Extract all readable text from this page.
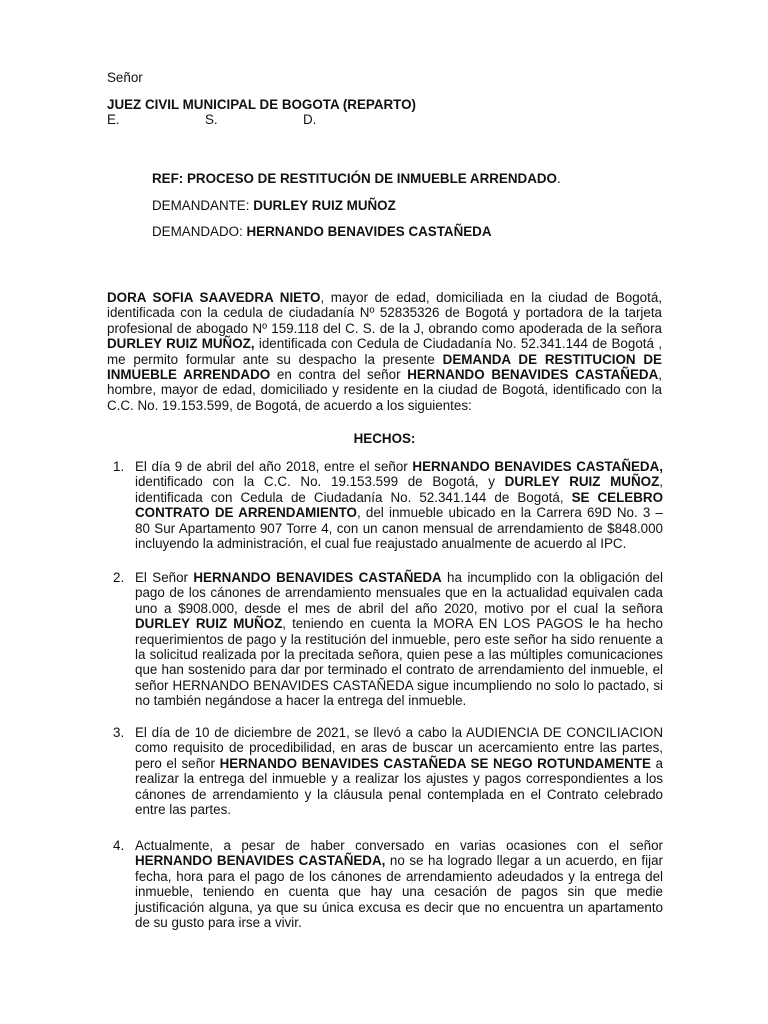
Señor
JUEZ CIVIL MUNICIPAL DE BOGOTA (REPARTO)
E.	S.	D.
REF: PROCESO DE RESTITUCIÓN DE INMUEBLE ARRENDADO.
DEMANDANTE: DURLEY RUIZ MUÑOZ
DEMANDADO: HERNANDO BENAVIDES CASTAÑEDA
DORA SOFIA SAAVEDRA NIETO, mayor de edad, domiciliada en la ciudad de Bogotá, identificada con la cedula de ciudadanía Nº 52835326 de Bogotá y portadora de la tarjeta profesional de abogado Nº 159.118 del C. S. de la J, obrando como apoderada de la señora DURLEY RUIZ MUÑOZ, identificada con Cedula de Ciudadanía No. 52.341.144 de Bogotá , me permito formular ante su despacho la presente DEMANDA DE RESTITUCION DE INMUEBLE ARRENDADO en contra del señor HERNANDO BENAVIDES CASTAÑEDA, hombre, mayor de edad, domiciliado y residente en la ciudad de Bogotá, identificado con la C.C. No. 19.153.599, de Bogotá, de acuerdo a los siguientes:
HECHOS:
1. El día 9 de abril del año 2018, entre el señor HERNANDO BENAVIDES CASTAÑEDA, identificado con la C.C. No. 19.153.599 de Bogotá, y DURLEY RUIZ MUÑOZ, identificada con Cedula de Ciudadanía No. 52.341.144 de Bogotá, SE CELEBRO CONTRATO DE ARRENDAMIENTO, del inmueble ubicado en la Carrera 69D No. 3 – 80 Sur Apartamento 907 Torre 4, con un canon mensual de arrendamiento de $848.000 incluyendo la administración, el cual fue reajustado anualmente de acuerdo al IPC.
2. El Señor HERNANDO BENAVIDES CASTAÑEDA ha incumplido con la obligación del pago de los cánones de arrendamiento mensuales que en la actualidad equivalen cada uno a $908.000, desde el mes de abril del año 2020, motivo por el cual la señora DURLEY RUIZ MUÑOZ, teniendo en cuenta la MORA EN LOS PAGOS le ha hecho requerimientos de pago y la restitución del inmueble, pero este señor ha sido renuente a la solicitud realizada por la precitada señora, quien pese a las múltiples comunicaciones que han sostenido para dar por terminado el contrato de arrendamiento del inmueble, el señor HERNANDO BENAVIDES CASTAÑEDA sigue incumpliendo no solo lo pactado, si no también negándose a hacer la entrega del inmueble.
3. El día de 10 de diciembre de 2021, se llevó a cabo la AUDIENCIA DE CONCILIACION como requisito de procedibilidad, en aras de buscar un acercamiento entre las partes, pero el señor HERNANDO BENAVIDES CASTAÑEDA SE NEGO ROTUNDAMENTE a realizar la entrega del inmueble y a realizar los ajustes y pagos correspondientes a los cánones de arrendamiento y la cláusula penal contemplada en el Contrato celebrado entre las partes.
4. Actualmente, a pesar de haber conversado en varias ocasiones con el señor HERNANDO BENAVIDES CASTAÑEDA, no se ha logrado llegar a un acuerdo, en fijar fecha, hora para el pago de los cánones de arrendamiento adeudados y la entrega del inmueble, teniendo en cuenta que hay una cesación de pagos sin que medie justificación alguna, ya que su única excusa es decir que no encuentra un apartamento de su gusto para irse a vivir.
